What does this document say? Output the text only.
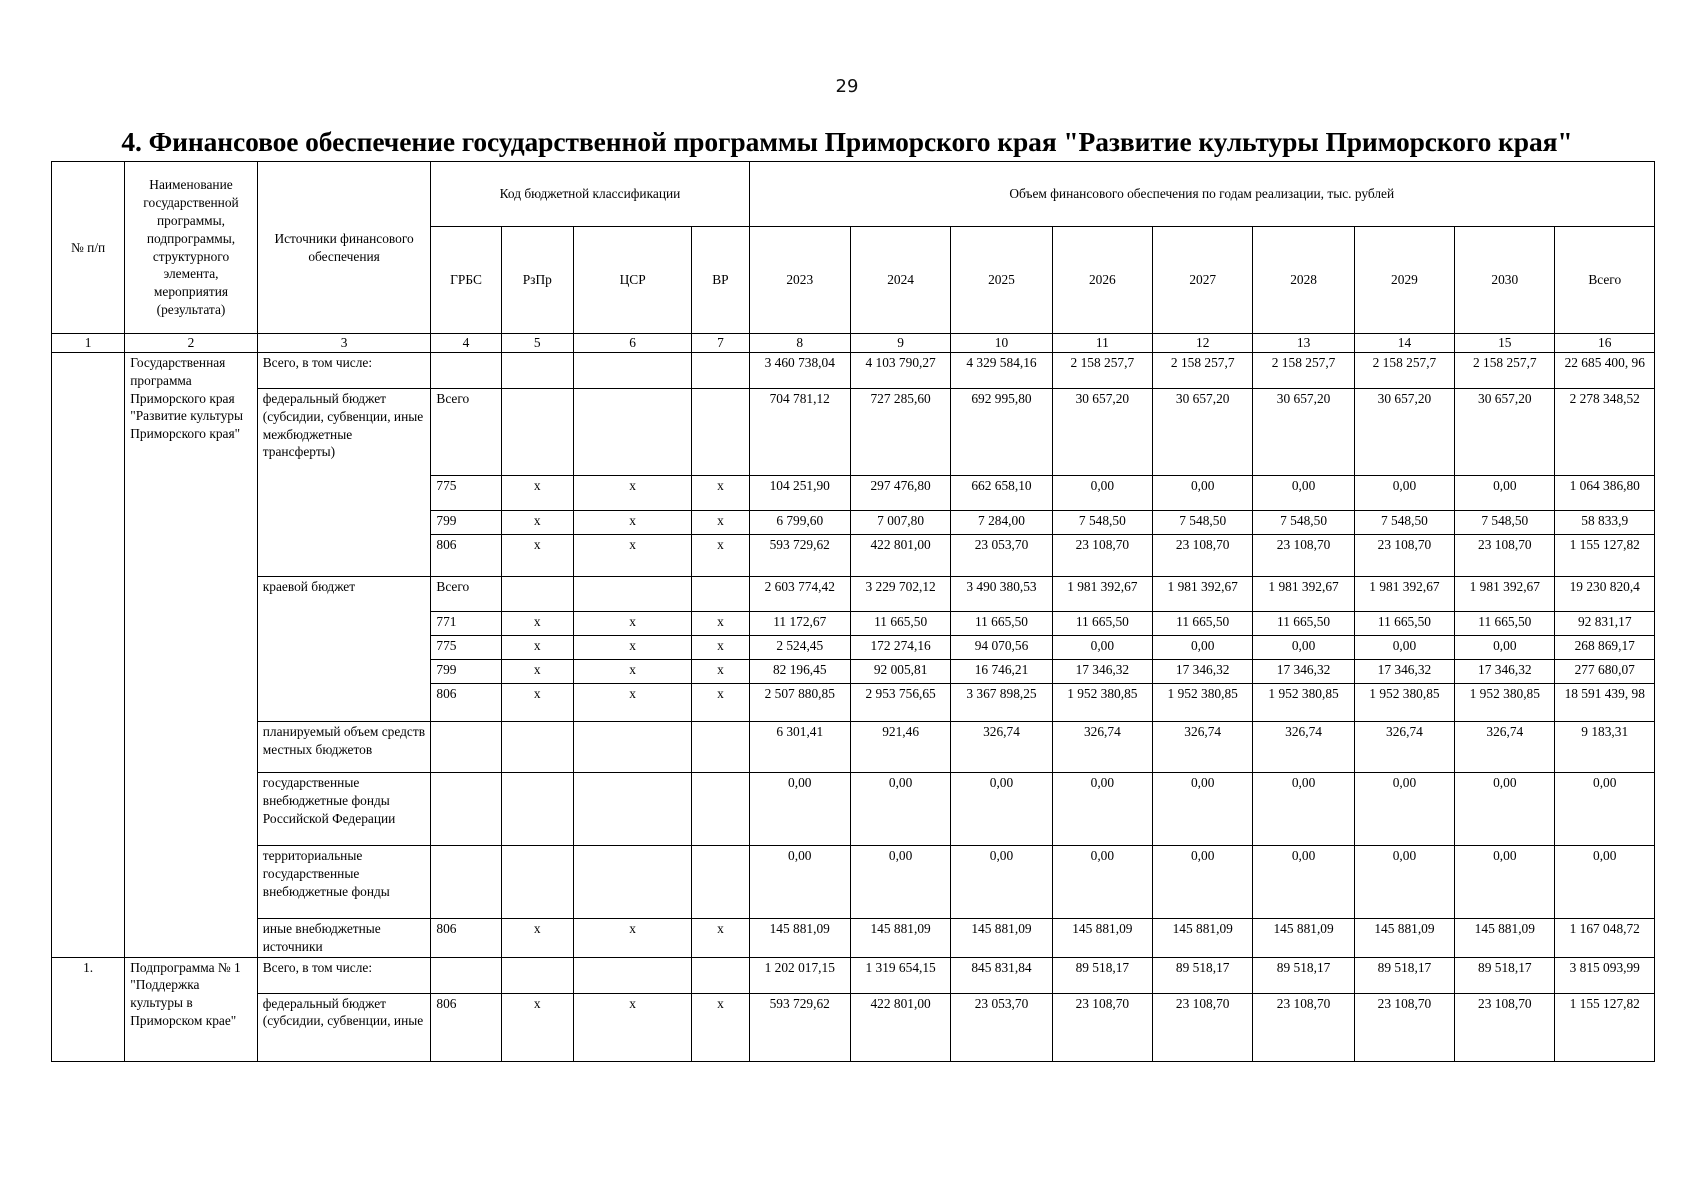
29
4. Финансовое обеспечение государственной программы Приморского края "Развитие культуры Приморского края"
№ п/п	Наименование государственной программы, подпрограммы, структурного элемента, мероприятия (результата)	Источники финансового обеспечения	Код бюджетной классификации				Объем финансового обеспечения по годам реализации, тыс. рублей								
			ГРБС	РзПр	ЦСР	ВР	2023	2024	2025	2026	2027	2028	2029	2030	Всего
1	2	3	4	5	6	7	8	9	10	11	12	13	14	15	16
	Государственная программа Приморского края "Развитие культуры Приморского края"	Всего, в том числе:					3 460 738,04	4 103 790,27	4 329 584,16	2 158 257,7	2 158 257,7	2 158 257,7	2 158 257,7	2 158 257,7	22 685 400, 96
		федеральный бюджет (субсидии, субвенции, иные межбюджетные трансферты)	Всего				704 781,12	727 285,60	692 995,80	30 657,20	30 657,20	30 657,20	30 657,20	30 657,20	2 278 348,52
			775	х	х	х	104 251,90	297 476,80	662 658,10	0,00	0,00	0,00	0,00	0,00	1 064 386,80
			799	х	х	х	6 799,60	7 007,80	7 284,00	7 548,50	7 548,50	7 548,50	7 548,50	7 548,50	58 833,9
			806	х	х	х	593 729,62	422 801,00	23 053,70	23 108,70	23 108,70	23 108,70	23 108,70	23 108,70	1 155 127,82
		краевой бюджет	Всего				2 603 774,42	3 229 702,12	3 490 380,53	1 981 392,67	1 981 392,67	1 981 392,67	1 981 392,67	1 981 392,67	19 230 820,4
			771	х	х	х	11 172,67	11 665,50	11 665,50	11 665,50	11 665,50	11 665,50	11 665,50	11 665,50	92 831,17
			775	х	х	х	2 524,45	172 274,16	94 070,56	0,00	0,00	0,00	0,00	0,00	268 869,17
			799	х	х	х	82 196,45	92 005,81	16 746,21	17 346,32	17 346,32	17 346,32	17 346,32	17 346,32	277 680,07
			806	х	х	х	2 507 880,85	2 953 756,65	3 367 898,25	1 952 380,85	1 952 380,85	1 952 380,85	1 952 380,85	1 952 380,85	18 591 439, 98
		планируемый объем средств местных бюджетов					6 301,41	921,46	326,74	326,74	326,74	326,74	326,74	326,74	9 183,31
		государственные внебюджетные фонды Российской Федерации					0,00	0,00	0,00	0,00	0,00	0,00	0,00	0,00	0,00
		территориальные государственные внебюджетные фонды					0,00	0,00	0,00	0,00	0,00	0,00	0,00	0,00	0,00
		иные внебюджетные источники	806	х	х	х	145 881,09	145 881,09	145 881,09	145 881,09	145 881,09	145 881,09	145 881,09	145 881,09	1 167 048,72
1.	Подпрограмма № 1 "Поддержка культуры в Приморском крае"	Всего, в том числе:					1 202 017,15	1 319 654,15	845 831,84	89 518,17	89 518,17	89 518,17	89 518,17	89 518,17	3 815 093,99
		федеральный бюджет (субсидии, субвенции, иные	806	х	х	х	593 729,62	422 801,00	23 053,70	23 108,70	23 108,70	23 108,70	23 108,70	23 108,70	1 155 127,82
